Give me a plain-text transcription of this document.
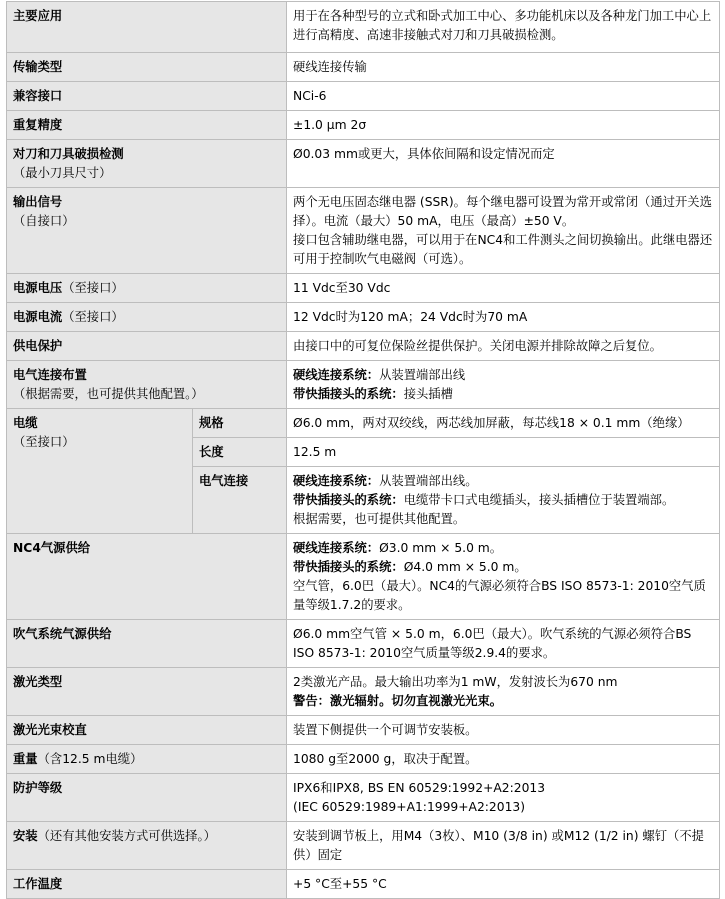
主要应用		用于在各种型号的立式和卧式加工中心、多功能机床以及各种龙门加工中心上进行高精度、高速非接触式对刀和刀具破损检测。

传输类型		硬线连接传输

兼容接口		NCi-6

重复精度		±1.0 μm 2σ

对刀和刀具破损检测
（最小刀具尺寸）		Ø0.03 mm或更大，具体依间隔和设定情况而定

输出信号
（自接口）		两个无电压固态继电器 (SSR)。每个继电器可设置为常开或常闭（通过开关选择）。电流（最大）50 mA，电压（最高）±50 V。
接口包含辅助继电器，可以用于在NC4和工件测头之间切换输出。此继电器还可用于控制吹气电磁阀（可选）。

电源电压（至接口）		11 Vdc至30 Vdc

电源电流（至接口）		12 Vdc时为120 mA；24 Vdc时为70 mA

供电保护		由接口中的可复位保险丝提供保护。关闭电源并排除故障之后复位。

电气连接布置
（根据需要，也可提供其他配置。）		硬线连接系统：从装置端部出线
带快插接头的系统：接头插槽

电缆
（至接口）	规格	Ø6.0 mm，两对双绞线，两芯线加屏蔽，每芯线18 × 0.1 mm（绝缘）

	长度	12.5 m

	电气连接	硬线连接系统：从装置端部出线。
带快插接头的系统：电缆带卡口式电缆插头，接头插槽位于装置端部。
根据需要，也可提供其他配置。

NC4气源供给		硬线连接系统：Ø3.0 mm × 5.0 m。
带快插接头的系统：Ø4.0 mm × 5.0 m。
空气管，6.0巴（最大）。NC4的气源必须符合BS ISO 8573-1: 2010空气质量等级1.7.2的要求。

吹气系统气源供给		Ø6.0 mm空气管 × 5.0 m，6.0巴（最大）。吹气系统的气源必须符合BS ISO 8573-1: 2010空气质量等级2.9.4的要求。

激光类型		2类激光产品。最大输出功率为1 mW，发射波长为670 nm
警告：激光辐射。切勿直视激光光束。

激光光束校直		装置下侧提供一个可调节安装板。

重量（含12.5 m电缆）		1080 g至2000 g，取决于配置。

防护等级		IPX6和IPX8, BS EN 60529:1992+A2:2013
(IEC 60529:1989+A1:1999+A2:2013)

安装（还有其他安装方式可供选择。）		安装到调节板上，用M4（3枚）、M10 (3/8 in) 或M12 (1/2 in) 螺钉（不提供）固定

工作温度		+5 °C至+55 °C
